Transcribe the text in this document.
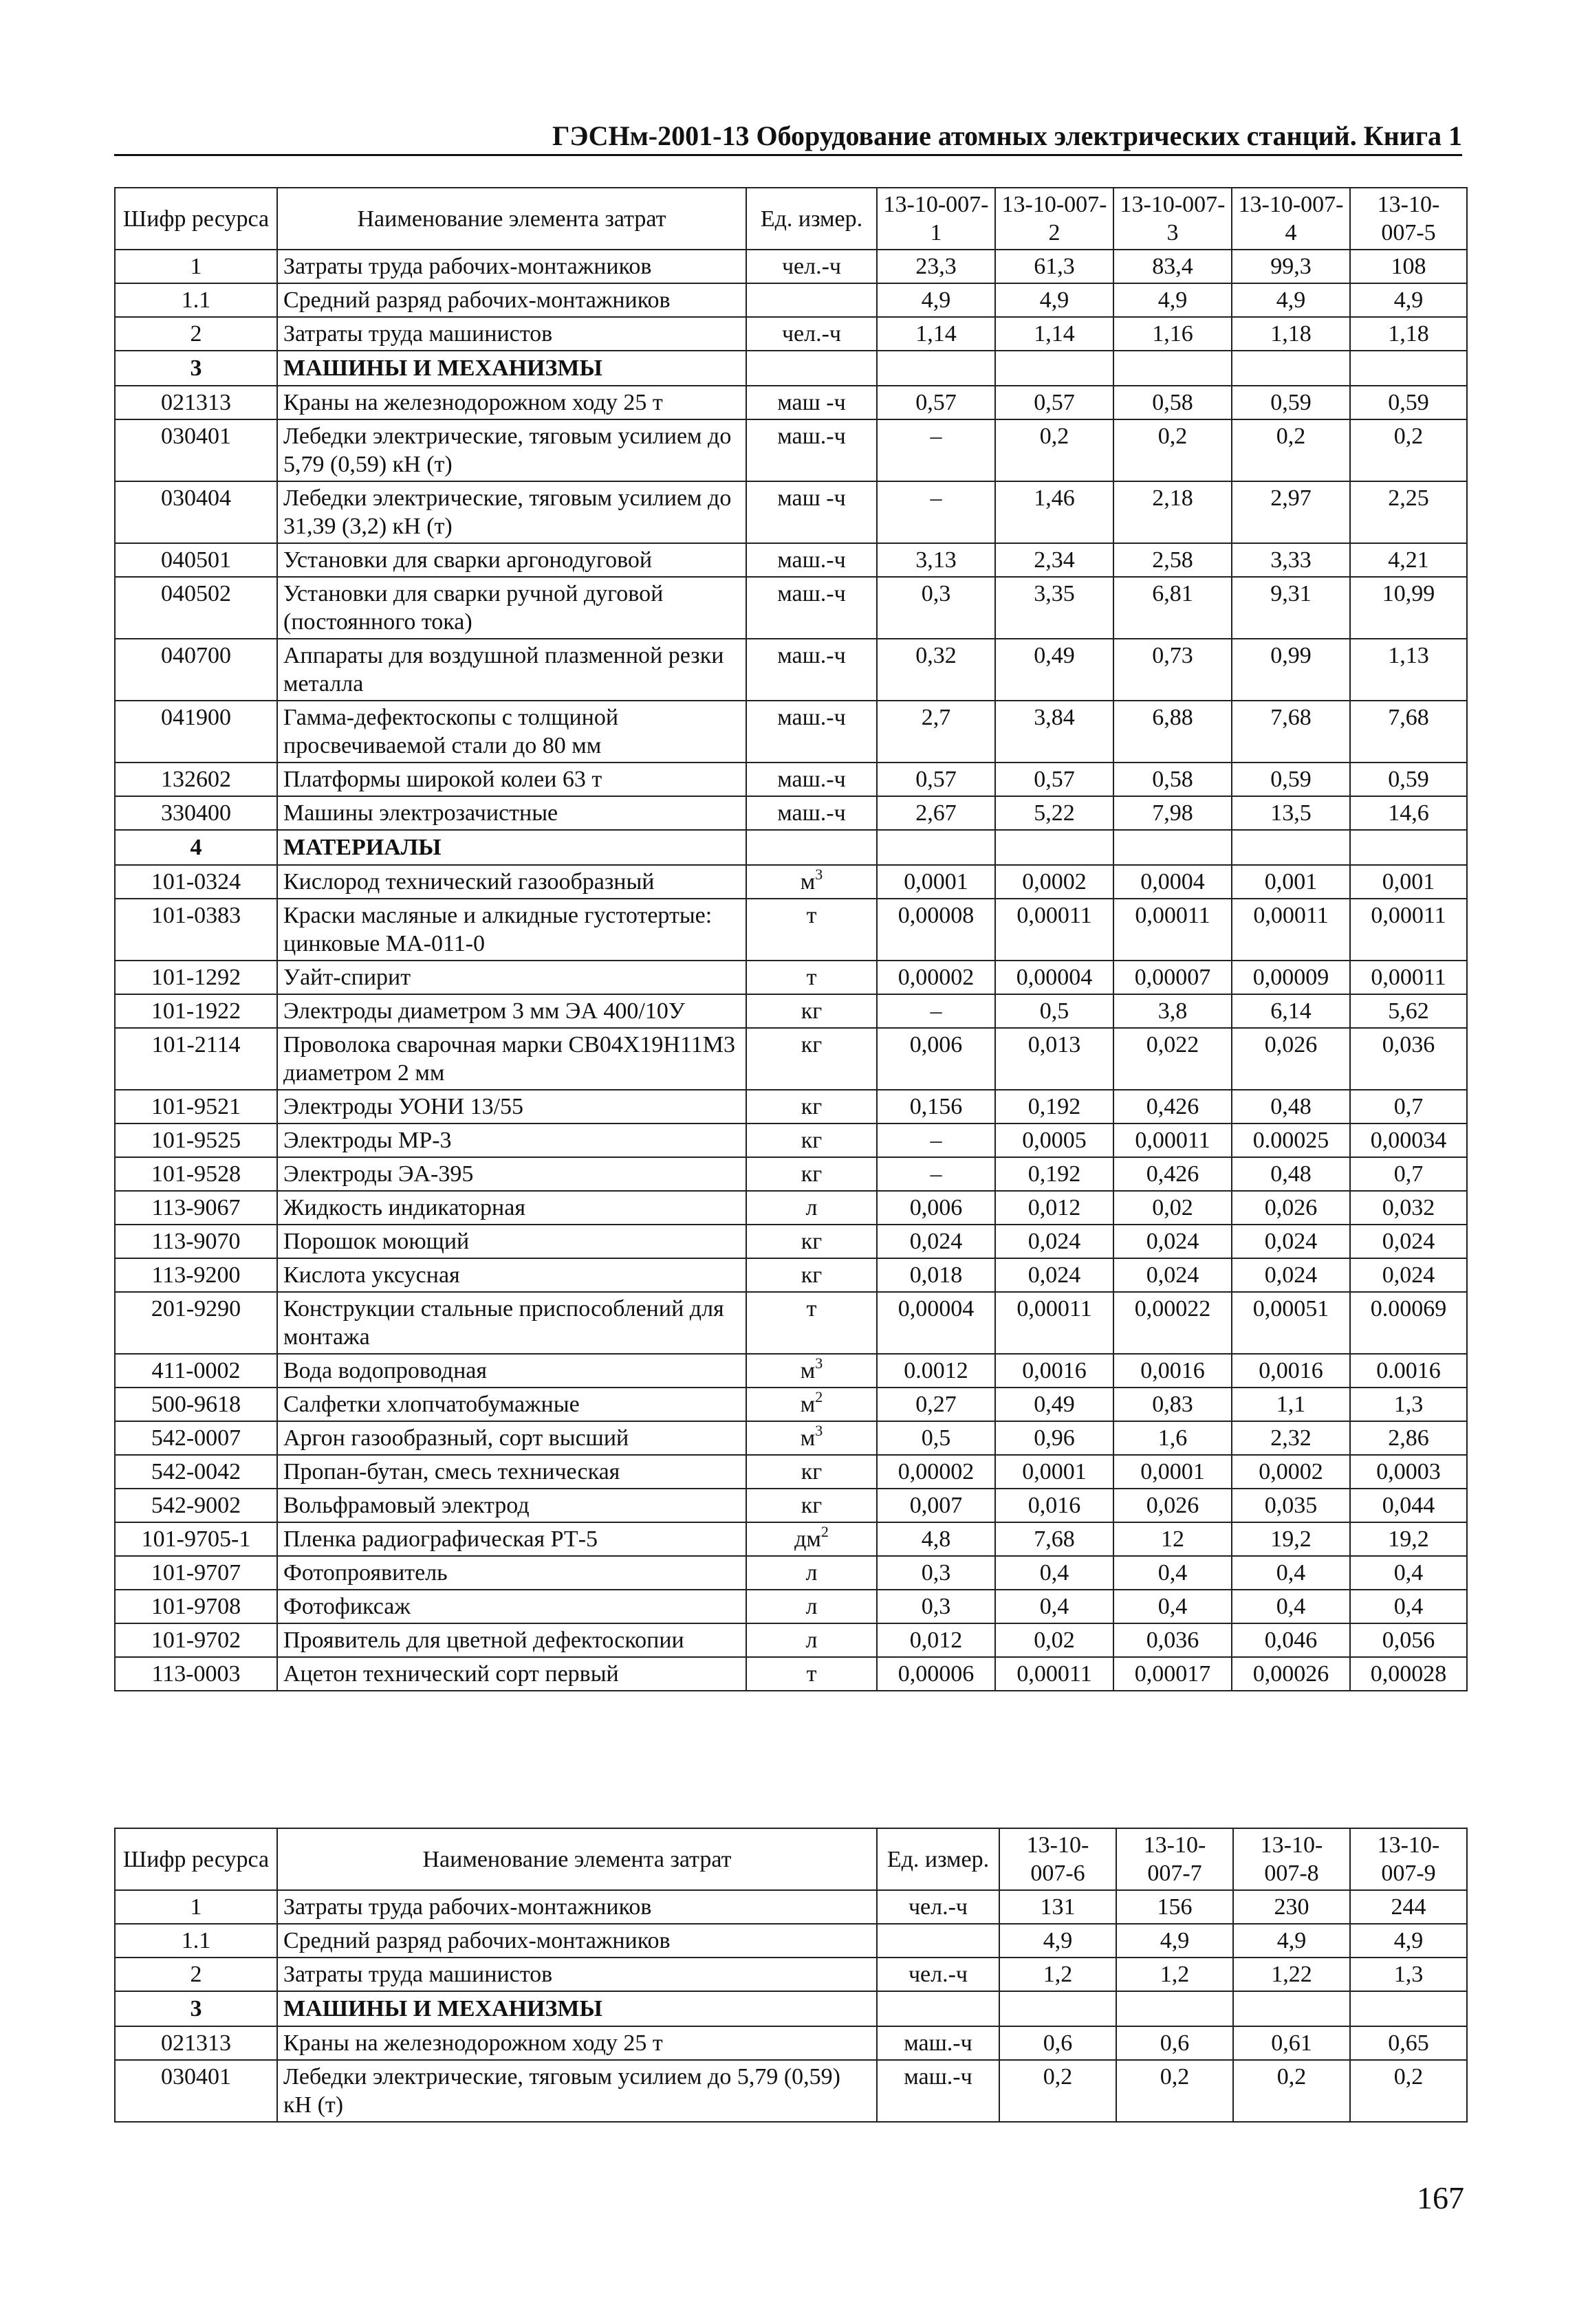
ГЭСНм-2001-13 Оборудование атомных электрических станций. Книга 1
Шифр ресурса	Наименование элемента затрат	Ед. измер.	13-10-007-1	13-10-007-2	13-10-007-3	13-10-007-4	13-10-007-5
1	Затраты труда рабочих-монтажников	чел.-ч	23,3	61,3	83,4	99,3	108
1.1	Средний разряд рабочих-монтажников		4,9	4,9	4,9	4,9	4,9
2	Затраты труда машинистов	чел.-ч	1,14	1,14	1,16	1,18	1,18
3	МАШИНЫ И МЕХАНИЗМЫ						
021313	Краны на железнодорожном ходу 25 т	маш -ч	0,57	0,57	0,58	0,59	0,59
030401	Лебедки электрические, тяговым усилием до 5,79 (0,59) кН (т)	маш.-ч	–	0,2	0,2	0,2	0,2
030404	Лебедки электрические, тяговым усилием до 31,39 (3,2) кН (т)	маш -ч	–	1,46	2,18	2,97	2,25
040501	Установки для сварки аргонодуговой	маш.-ч	3,13	2,34	2,58	3,33	4,21
040502	Установки для сварки ручной дуговой (постоянного тока)	маш.-ч	0,3	3,35	6,81	9,31	10,99
040700	Аппараты для воздушной плазменной резки металла	маш.-ч	0,32	0,49	0,73	0,99	1,13
041900	Гамма-дефектоскопы с толщиной просвечиваемой стали до 80 мм	маш.-ч	2,7	3,84	6,88	7,68	7,68
132602	Платформы широкой колеи 63 т	маш.-ч	0,57	0,57	0,58	0,59	0,59
330400	Машины электрозачистные	маш.-ч	2,67	5,22	7,98	13,5	14,6
4	МАТЕРИАЛЫ						
101-0324	Кислород технический газообразный	$м^3$	0,0001	0,0002	0,0004	0,001	0,001
101-0383	Краски масляные и алкидные густотертые: цинковые МА-011-0	т	0,00008	0,00011	0,00011	0,00011	0,00011
101-1292	Уайт-спирит	т	0,00002	0,00004	0,00007	0,00009	0,00011
101-1922	Электроды диаметром 3 мм ЭА 400/10У	кг	–	0,5	3,8	6,14	5,62
101-2114	Проволока сварочная марки СВ04Х19Н11М3 диаметром 2 мм	кг	0,006	0,013	0,022	0,026	0,036
101-9521	Электроды УОНИ 13/55	кг	0,156	0,192	0,426	0,48	0,7
101-9525	Электроды МР-3	кг	–	0,0005	0,00011	0.00025	0,00034
101-9528	Электроды ЭА-395	кг	–	0,192	0,426	0,48	0,7
113-9067	Жидкость индикаторная	л	0,006	0,012	0,02	0,026	0,032
113-9070	Порошок моющий	кг	0,024	0,024	0,024	0,024	0,024
113-9200	Кислота уксусная	кг	0,018	0,024	0,024	0,024	0,024
201-9290	Конструкции стальные приспособлений для монтажа	т	0,00004	0,00011	0,00022	0,00051	0.00069
411-0002	Вода водопроводная	$м^3$	0.0012	0,0016	0,0016	0,0016	0.0016
500-9618	Салфетки хлопчатобумажные	$м^2$	0,27	0,49	0,83	1,1	1,3
542-0007	Аргон газообразный, сорт высший	$м^3$	0,5	0,96	1,6	2,32	2,86
542-0042	Пропан-бутан, смесь техническая	кг	0,00002	0,0001	0,0001	0,0002	0,0003
542-9002	Вольфрамовый электрод	кг	0,007	0,016	0,026	0,035	0,044
101-9705-1	Пленка радиографическая РТ-5	$дм^2$	4,8	7,68	12	19,2	19,2
101-9707	Фотопроявитель	л	0,3	0,4	0,4	0,4	0,4
101-9708	Фотофиксаж	л	0,3	0,4	0,4	0,4	0,4
101-9702	Проявитель для цветной дефектоскопии	л	0,012	0,02	0,036	0,046	0,056
113-0003	Ацетон технический сорт первый	т	0,00006	0,00011	0,00017	0,00026	0,00028
Шифр ресурса	Наименование элемента затрат	Ед. измер.	13-10-007-6	13-10-007-7	13-10-007-8	13-10-007-9
1	Затраты труда рабочих-монтажников	чел.-ч	131	156	230	244
1.1	Средний разряд рабочих-монтажников		4,9	4,9	4,9	4,9
2	Затраты труда машинистов	чел.-ч	1,2	1,2	1,22	1,3
3	МАШИНЫ И МЕХАНИЗМЫ					
021313	Краны на железнодорожном ходу 25 т	маш.-ч	0,6	0,6	0,61	0,65
030401	Лебедки электрические, тяговым усилием до 5,79 (0,59) кН (т)	маш.-ч	0,2	0,2	0,2	0,2
167
